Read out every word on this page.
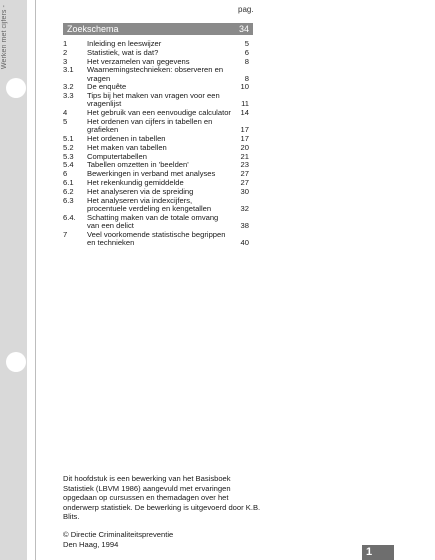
Werken met cijfers -	pag.
Zoekschema	34
1	Inleiding en leeswijzer	5
2	Statistiek, wat is dat?	6
3	Het verzamelen van gegevens	8
3.1	Waarnemingstechnieken: observeren en vragen	8
3.2	De enquête	10
3.3	Tips bij het maken van vragen voor een vragenlijst	11
4	Het gebruik van een eenvoudige calculator 14
5	Het ordenen van cijfers in tabellen en grafieken	17
5.1	Het ordenen in tabellen	17
5.2	Het maken van tabellen	20
5.3	Computertabellen	21
5.4	Tabellen omzetten in 'beelden'	23
6	Bewerkingen in verband met analyses	27
6.1	Het rekenkundig gemiddelde	27
6.2	Het analyseren via de spreiding	30
6.3	Het analyseren via indexcijfers, procentuele verdeling en kengetallen	32
6.4.	Schatting maken van de totale omvang van een delict	38
7	Veel voorkomende statistische begrippen en technieken	40

Dit hoofdstuk is een bewerking van het Basisboek Statistiek (LBVM 1986) aangevuld met ervaringen opgedaan op cursussen en themadagen over het onderwerp statistiek. De bewerking is uitgevoerd door K.B. Blits.

© Directie Criminaliteitspreventie
Den Haag, 1994
1
